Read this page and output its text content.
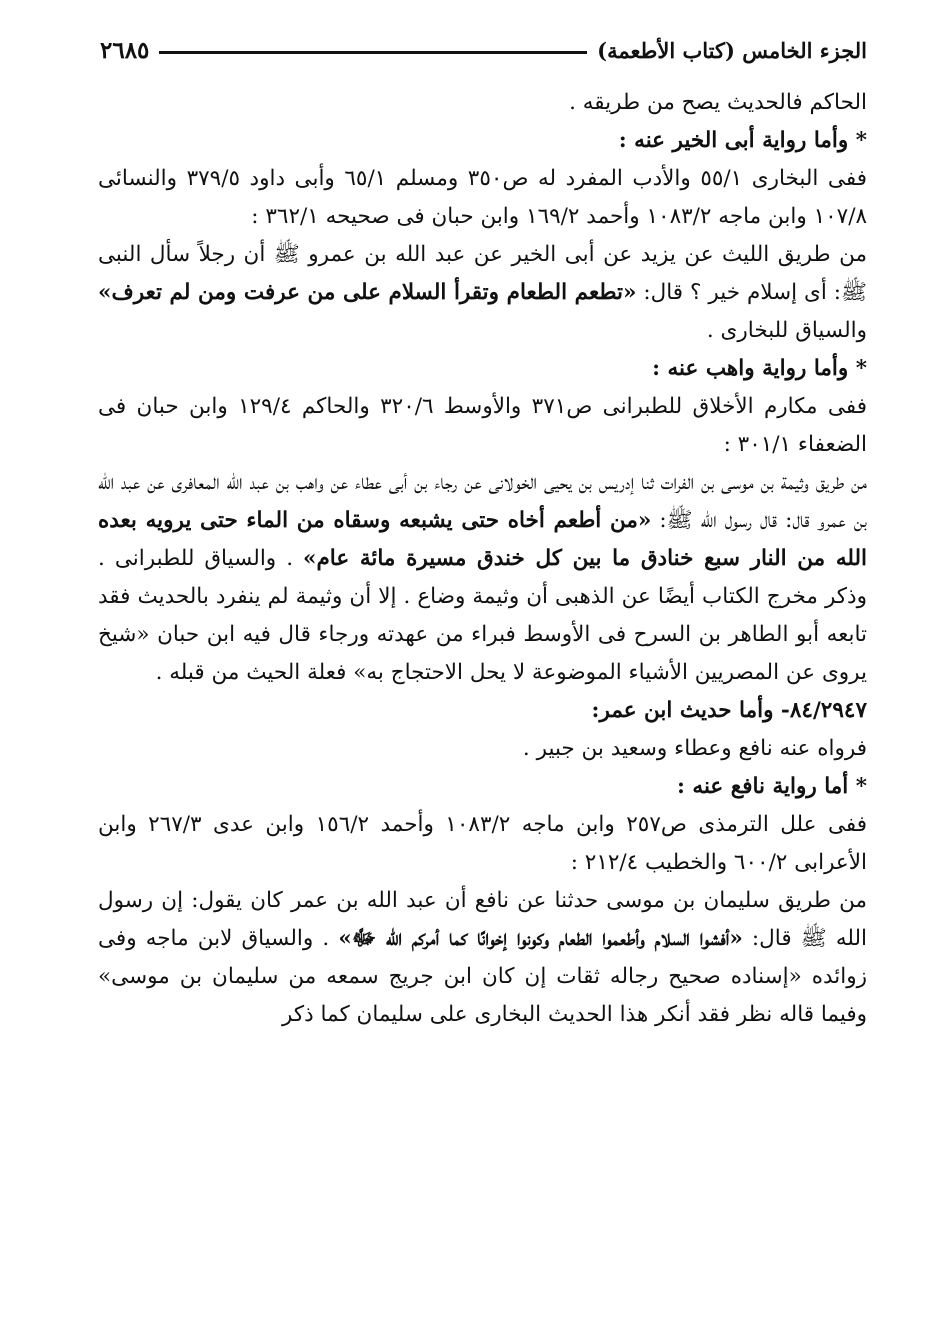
الجزء الخامس (كتاب الأطعمة)
٢٦٨٥

الحاكم فالحديث يصح من طريقه .

* وأما رواية أبى الخير عنه :

ففى البخارى ٥٥/١ والأدب المفرد له ص٣٥٠ ومسلم ٦٥/١ وأبى داود ٣٧٩/٥ والنسائى ١٠٧/٨ وابن ماجه ١٠٨٣/٢ وأحمد ١٦٩/٢ وابن حبان فى صحيحه ٣٦٢/١ :

من طريق الليث عن يزيد عن أبى الخير عن عبد الله بن عمرو ﷺ أن رجلاً سأل النبى ﷺ: أى إسلام خير ؟ قال: «تطعم الطعام وتقرأ السلام على من عرفت ومن لم تعرف» والسياق للبخارى .

* وأما رواية واهب عنه :

ففى مكارم الأخلاق للطبرانى ص٣٧١ والأوسط ٣٢٠/٦ والحاكم ١٢٩/٤ وابن حبان فى الضعفاء ٣٠١/١ :

من طريق وثيمة بن موسى بن الفرات ثنا إدريس بن يحيى الخولانى عن رجاء بن أبى عطاء عن واهب بن عبد الله المعافرى عن عبد الله بن عمرو قال: قال رسول الله ﷺ: «من أطعم أخاه حتى يشبعه وسقاه من الماء حتى يرويه بعده الله من النار سبع خنادق ما بين كل خندق مسيرة مائة عام» . والسياق للطبرانى . وذكر مخرج الكتاب أيضًا عن الذهبى أن وثيمة وضاع . إلا أن وثيمة لم ينفرد بالحديث فقد تابعه أبو الطاهر بن السرح فى الأوسط فبراء من عهدته ورجاء قال فيه ابن حبان «شيخ يروى عن المصريين الأشياء الموضوعة لا يحل الاحتجاج به» فعلة الحيث من قبله .

٨٤/٢٩٤٧- وأما حديث ابن عمر:

فرواه عنه نافع وعطاء وسعيد بن جبير .

* أما رواية نافع عنه :

ففى علل الترمذى ص٢٥٧ وابن ماجه ١٠٨٣/٢ وأحمد ١٥٦/٢ وابن عدى ٢٦٧/٣ وابن الأعرابى ٦٠٠/٢ والخطيب ٢١٢/٤ :

من طريق سليمان بن موسى حدثنا عن نافع أن عبد الله بن عمر كان يقول: إن رسول الله ﷺ قال: «أفشوا السلام وأطعموا الطعام وكونوا إخوانًا كما أمركم الله ﷻ» . والسياق لابن ماجه وفى زوائده «إسناده صحيح رجاله ثقات إن كان ابن جريج سمعه من سليمان بن موسى» وفيما قاله نظر فقد أنكر هذا الحديث البخارى على سليمان كما ذكر
